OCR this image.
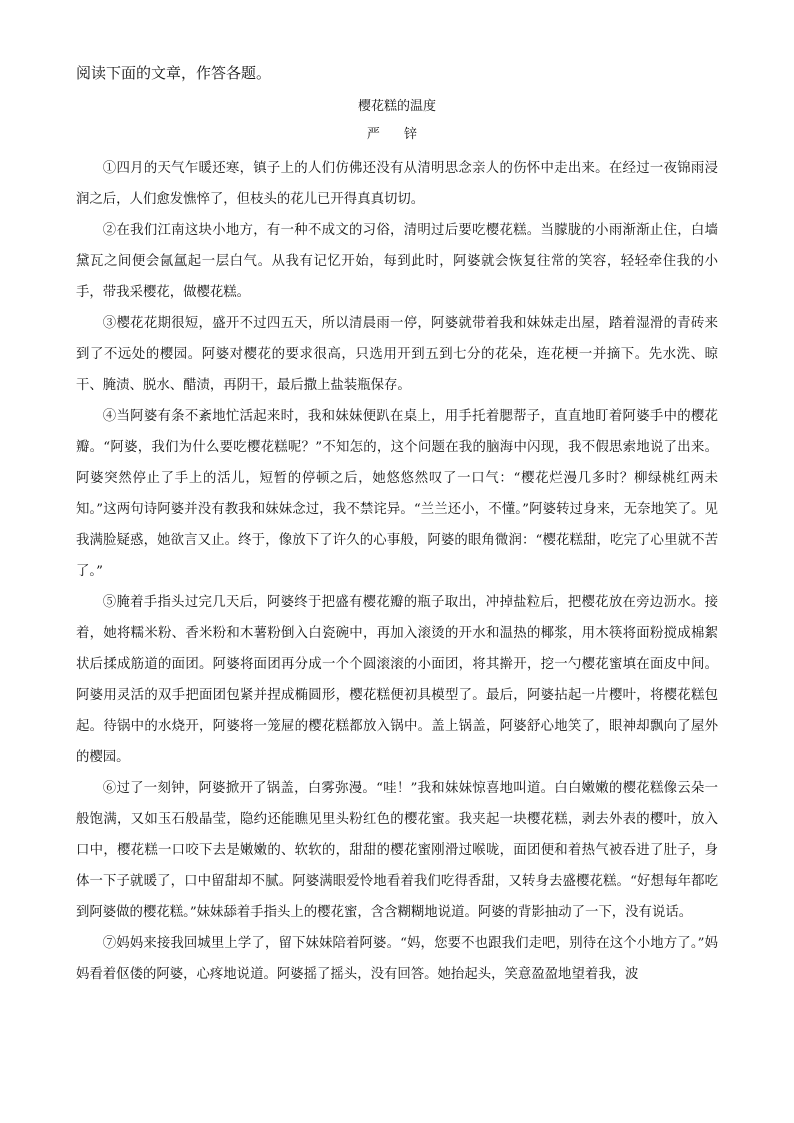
阅读下面的文章，作答各题。
樱花糕的温度
严 锌

①四月的天气乍暖还寒，镇子上的人们仿佛还没有从清明思念亲人的伤怀中走出来。在经过一夜锦雨浸润之后，人们愈发憔悴了，但枝头的花儿已开得真真切切。

②在我们江南这块小地方，有一种不成文的习俗，清明过后要吃樱花糕。当朦胧的小雨渐渐止住，白墙黛瓦之间便会氤氲起一层白气。从我有记忆开始，每到此时，阿婆就会恢复往常的笑容，轻轻牵住我的小手，带我采樱花，做樱花糕。

③樱花花期很短，盛开不过四五天，所以清晨雨一停，阿婆就带着我和妹妹走出屋，踏着湿滑的青砖来到了不远处的樱园。阿婆对樱花的要求很高，只选用开到五到七分的花朵，连花梗一并摘下。先水洗、晾干、腌渍、脱水、醋渍，再阴干，最后撒上盐装瓶保存。

④当阿婆有条不紊地忙活起来时，我和妹妹便趴在桌上，用手托着腮帮子，直直地盯着阿婆手中的樱花瓣。“阿婆，我们为什么要吃樱花糕呢？”不知怎的，这个问题在我的脑海中闪现，我不假思索地说了出来。阿婆突然停止了手上的活儿，短暂的停顿之后，她悠悠然叹了一口气：“樱花烂漫几多时？柳绿桃红两未知。”这两句诗阿婆并没有教我和妹妹念过，我不禁诧异。“兰兰还小，不懂。”阿婆转过身来，无奈地笑了。见我满脸疑惑，她欲言又止。终于，像放下了许久的心事般，阿婆的眼角微润：“樱花糕甜，吃完了心里就不苦了。”

⑤腌着手指头过完几天后，阿婆终于把盛有樱花瓣的瓶子取出，冲掉盐粒后，把樱花放在旁边沥水。接着，她将糯米粉、香米粉和木薯粉倒入白瓷碗中，再加入滚烫的开水和温热的椰浆，用木筷将面粉搅成棉絮状后揉成筋道的面团。阿婆将面团再分成一个个圆滚滚的小面团，将其擀开，挖一勺樱花蜜填在面皮中间。阿婆用灵活的双手把面团包紧并捏成椭圆形，樱花糕便初具模型了。最后，阿婆拈起一片樱叶，将樱花糕包起。待锅中的水烧开，阿婆将一笼屉的樱花糕都放入锅中。盖上锅盖，阿婆舒心地笑了，眼神却飘向了屋外的樱园。

⑥过了一刻钟，阿婆掀开了锅盖，白雾弥漫。“哇！”我和妹妹惊喜地叫道。白白嫩嫩的樱花糕像云朵一般饱满，又如玉石般晶莹，隐约还能瞧见里头粉红色的樱花蜜。我夹起一块樱花糕，剥去外表的樱叶，放入口中，樱花糕一口咬下去是嫩嫩的、软软的，甜甜的樱花蜜刚滑过喉咙，面团便和着热气被吞进了肚子，身体一下子就暖了，口中留甜却不腻。阿婆满眼爱怜地看着我们吃得香甜，又转身去盛樱花糕。“好想每年都吃到阿婆做的樱花糕。”妹妹舔着手指头上的樱花蜜，含含糊糊地说道。阿婆的背影抽动了一下，没有说话。

⑦妈妈来接我回城里上学了，留下妹妹陪着阿婆。“妈，您要不也跟我们走吧，别待在这个小地方了。”妈妈看着伛偻的阿婆，心疼地说道。阿婆摇了摇头，没有回答。她抬起头，笑意盈盈地望着我，波
